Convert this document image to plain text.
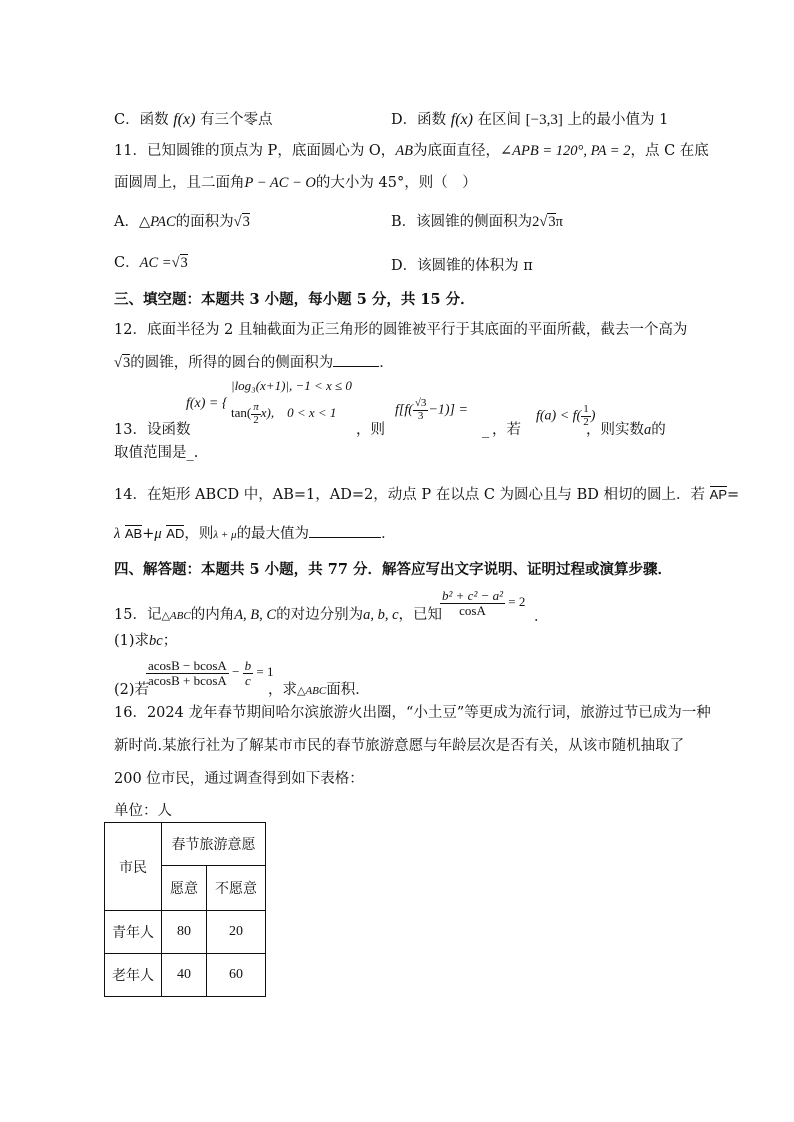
C．函数 f(x) 有三个零点	D．函数 f(x) 在区间 [−3,3] 上的最小值为 1
11．已知圆锥的顶点为 P，底面圆心为 O，AB为底面直径，∠APB = 120°, PA = 2，点 C 在底
面圆周上，且二面角P − AC − O的大小为 45°，则（　）
A．△PAC的面积为√3	B．该圆锥的侧面积为2√3π
C．AC =√3	D．该圆锥的体积为 π
三、填空题：本题共 3 小题，每小题 5 分，共 15 分．
12．底面半径为 2 且轴截面为正三角形的圆锥被平行于其底面的平面所截，截去一个高为
√3的圆锥，所得的圆台的侧面积为	．
f(x) = {
|log₃(x+1)|, −1 < x ≤ 0
$\tan( \frac{\pi}{2} x)$, 0 < x < 1
13．设函数	，则
$f[f( \frac{√3}{3} -1)]$ =
_ ，若
$f(a) < f( \frac{1}{2}$ )
，则实数a的
取值范围是_.
14．在矩形 ABCD 中，AB=1，AD=2，动点 P 在以点 C 为圆心且与 BD 相切的圆上．若 AP=
λ AB+μ AD，则λ + μ的最大值为	．
四、解答题：本题共 5 小题，共 77 分．解答应写出文字说明、证明过程或演算步骤．
15．记△ABC的内角A, B, C的对边分别为a, b, c，已知
$\frac{\text{b² + c² − a²}}{\cos A} = 2$
．
(1)求bc；
$\frac{acosB - bcosA}{acosB + bcosA} - \frac{b}{c} = 1$
(2)若	，求△ABC面积．
16．2024 龙年春节期间哈尔滨旅游火出圈，“小土豆”等更成为流行词，旅游过节已成为一种
新时尚.某旅行社为了解某市市民的春节旅游意愿与年龄层次是否有关，从该市随机抽取了
200 位市民，通过调查得到如下表格：
单位：人
市民	春节旅游意愿	
	愿意	不愿意
青年人	80	20
老年人	40	60
